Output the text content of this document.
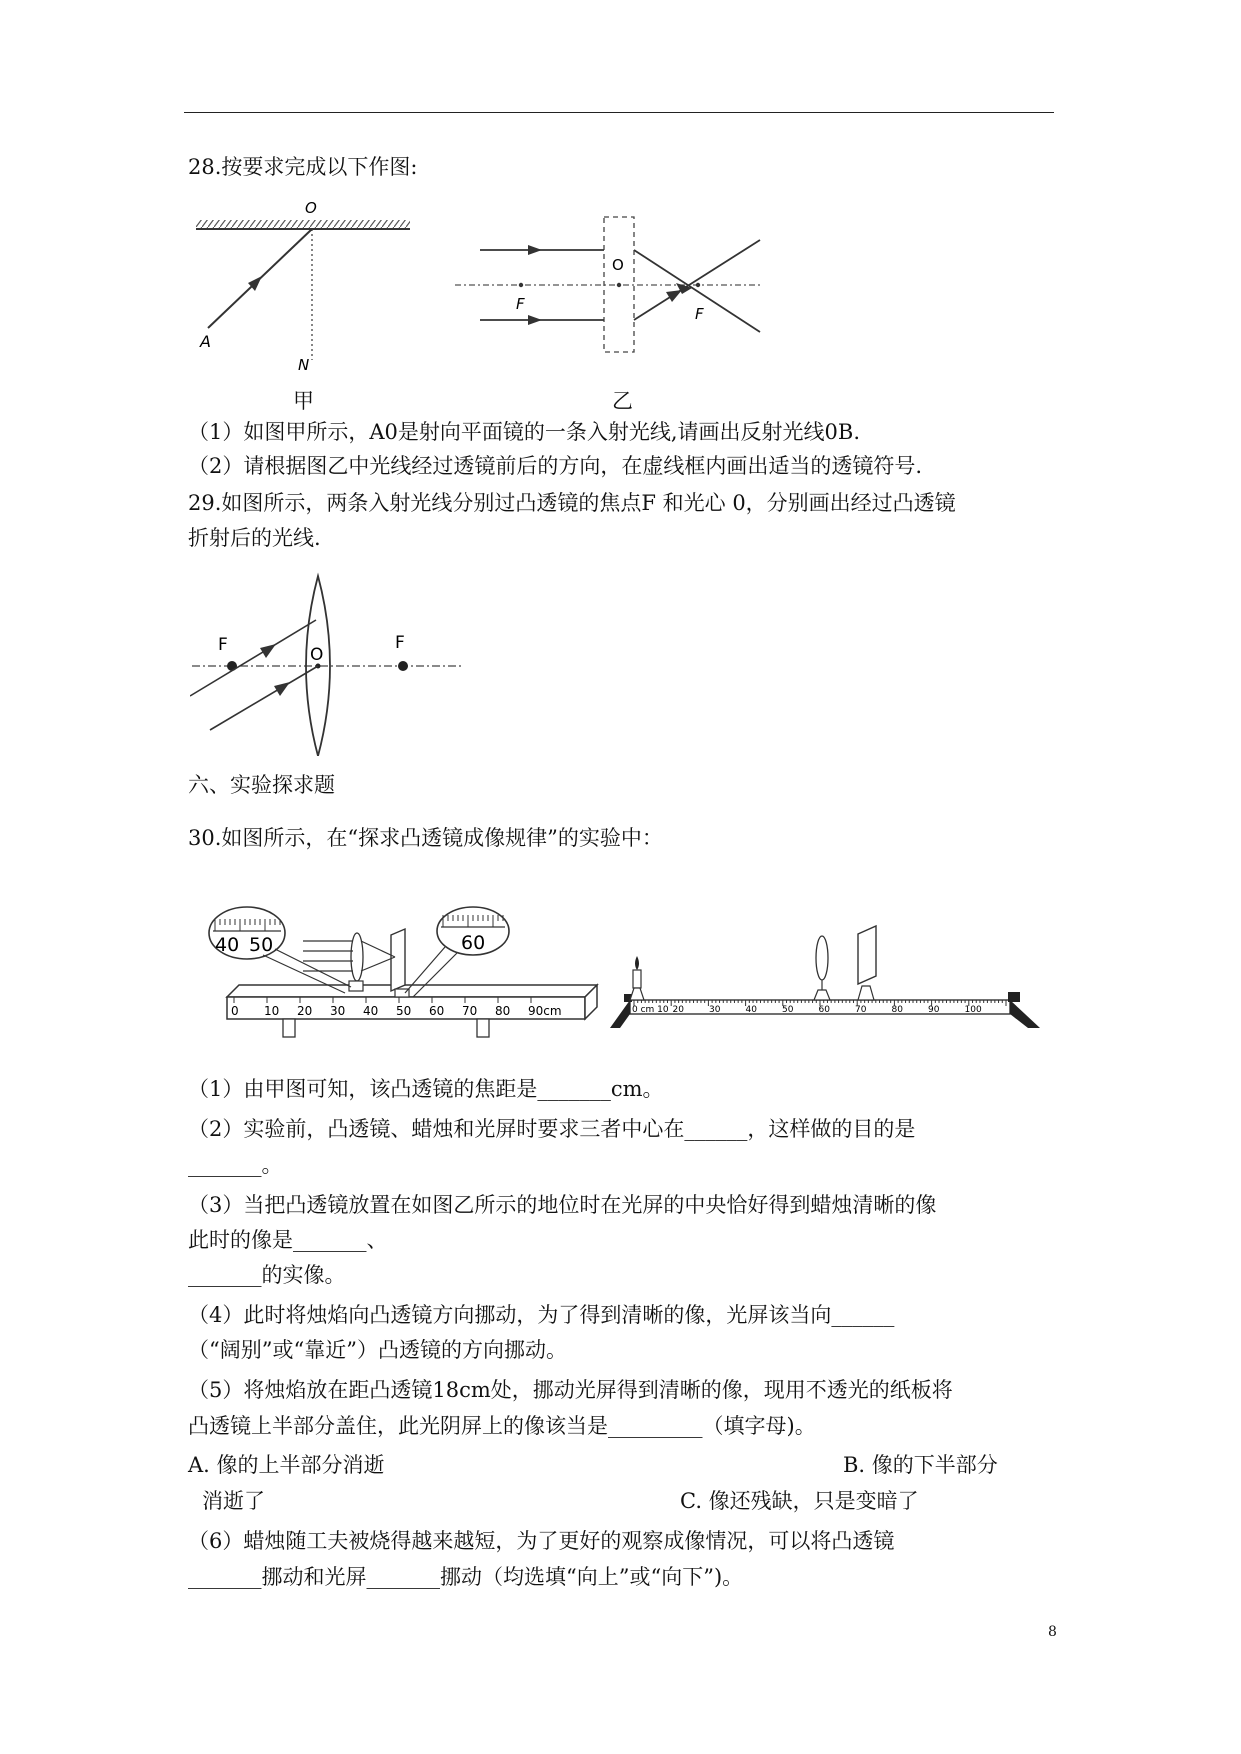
28.按要求完成以下作图:
O
A
N
甲
O
F
F
乙
（1）如图甲所示，A0是射向平面镜的一条入射光线,请画出反射光线0B.
（2）请根据图乙中光线经过透镜前后的方向，在虚线框内画出适当的透镜符号.
29.如图所示，两条入射光线分别过凸透镜的焦点F 和光心 0，分别画出经过凸透镜
折射后的光线.
F	O
F
六、实验探求题
30.如图所示，在“探求凸透镜成像规律”的实验中：
0 10 20 30 40 50 60 70 80 90cm
40 50	60
0 cm 10 20	30	40	50	60	70	80	90	100
（1）由甲图可知，该凸透镜的焦距是_______cm。
（2）实验前，凸透镜、蜡烛和光屏时要求三者中心在______，这样做的目的是
_______。
（3）当把凸透镜放置在如图乙所示的地位时在光屏的中央恰好得到蜡烛清晰的像
此时的像是_______、
_______的实像。
（4）此时将烛焰向凸透镜方向挪动，为了得到清晰的像，光屏该当向______
（“阔别”或“靠近”）凸透镜的方向挪动。
（5）将烛焰放在距凸透镜18cm处，挪动光屏得到清晰的像，现用不透光的纸板将
凸透镜上半部分盖住，此光阴屏上的像该当是_________（填字母)。
A. 像的上半部分消逝	B. 像的下半部分
消逝了	C. 像还残缺，只是变暗了
（6）蜡烛随工夫被烧得越来越短，为了更好的观察成像情况，可以将凸透镜
_______挪动和光屏_______挪动（均选填“向上”或“向下”)。
8
